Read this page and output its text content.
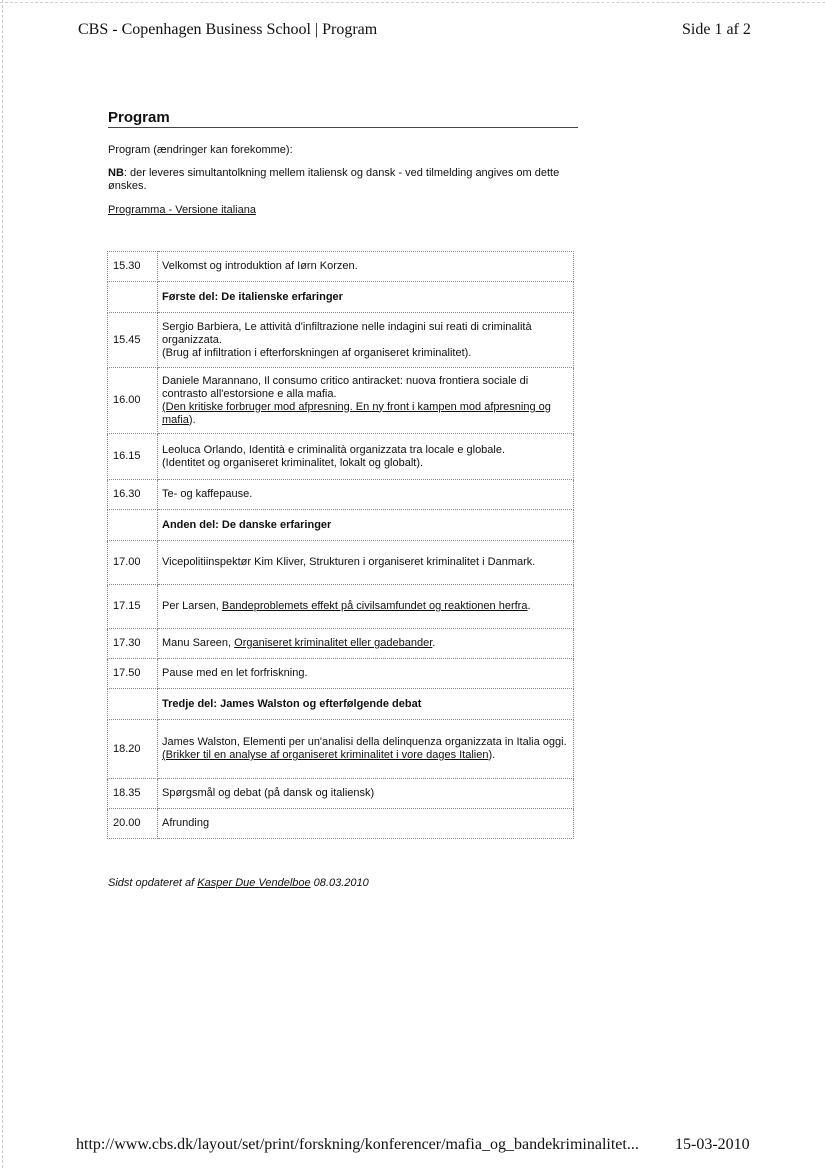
CBS - Copenhagen Business School | Program	Side 1 af 2
Program
Program (ændringer kan forekomme):
NB: der leveres simultantolkning mellem italiensk og dansk - ved tilmelding angives om dette ønskes.
Programma - Versione italiana
15.30	Velkomst og introduktion af Iørn Korzen.
	Første del: De italienske erfaringer
15.45	Sergio Barbiera, Le attività d'infiltrazione nelle indagini sui reati di criminalità organizzata.
(Brug af infiltration i efterforskningen af organiseret kriminalitet).
16.00	Daniele Marannano, Il consumo critico antiracket: nuova frontiera sociale di contrasto all'estorsione e alla mafia.
(Den kritiske forbruger mod afpresning. En ny front i kampen mod afpresning og mafia).
16.15	Leoluca Orlando, Identità e criminalità organizzata tra locale e globale.
(Identitet og organiseret kriminalitet, lokalt og globalt).
16.30	Te- og kaffepause.
	Anden del: De danske erfaringer
17.00	Vicepolitiinspektør Kim Kliver, Strukturen i organiseret kriminalitet i Danmark.
17.15	Per Larsen, Bandeproblemets effekt på civilsamfundet og reaktionen herfra.
17.30	Manu Sareen, Organiseret kriminalitet eller gadebander.
17.50	Pause med en let forfriskning.
	Tredje del: James Walston og efterfølgende debat
18.20	James Walston, Elementi per un'analisi della delinquenza organizzata in Italia oggi.
(Brikker til en analyse af organiseret kriminalitet i vore dages Italien).
18.35	Spørgsmål og debat (på dansk og italiensk)
20.00	Afrunding
Sidst opdateret af Kasper Due Vendelboe 08.03.2010
http://www.cbs.dk/layout/set/print/forskning/konferencer/mafia_og_bandekriminalitet... 15-03-2010
